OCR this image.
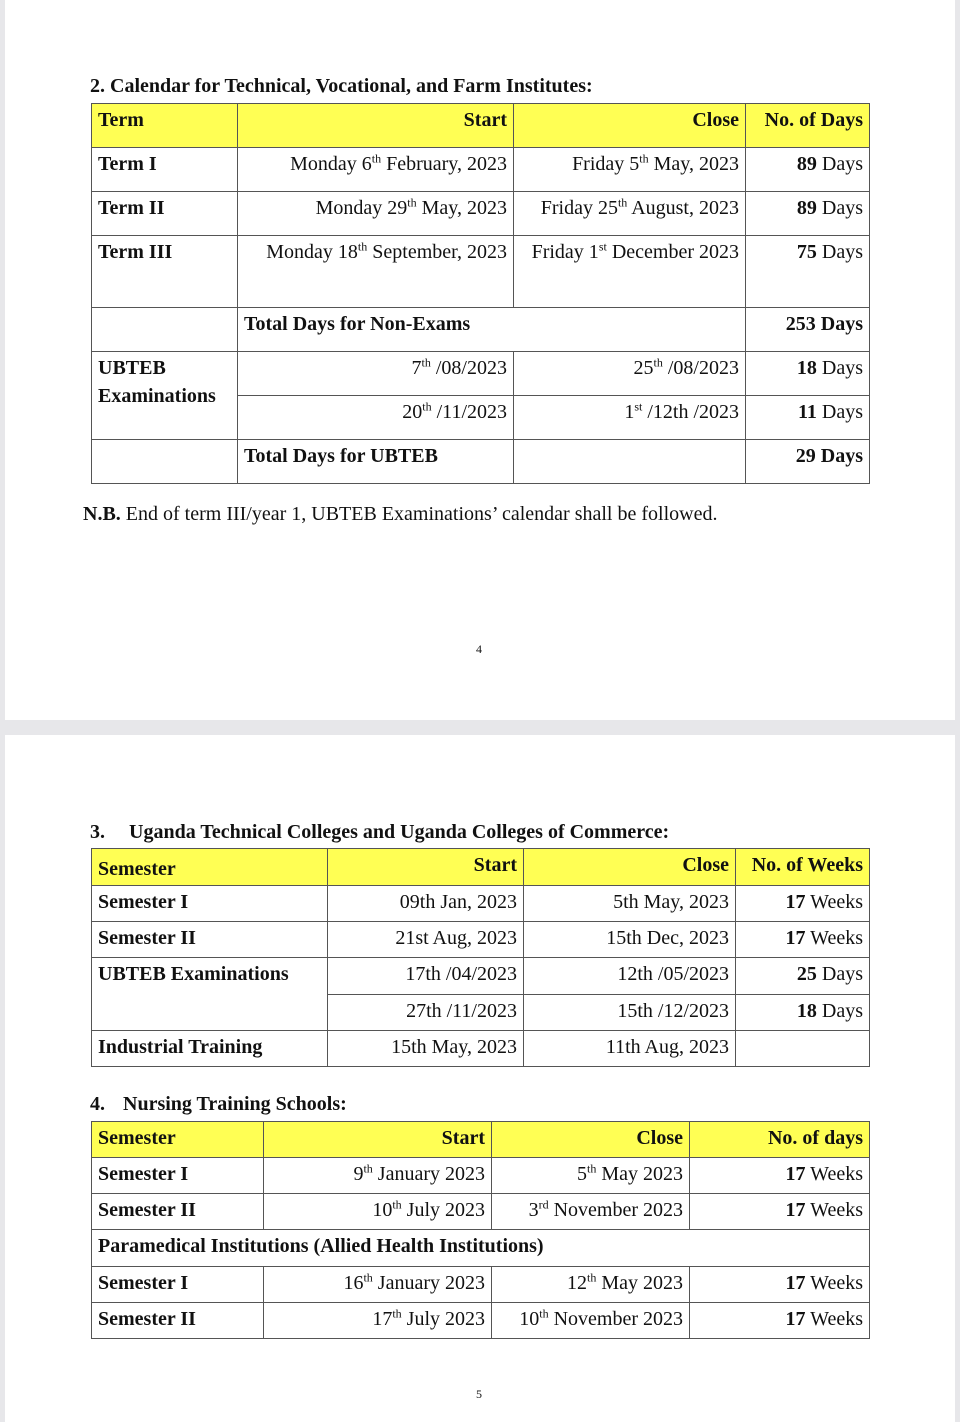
2. Calendar for Technical, Vocational, and Farm Institutes:
Term	Start	Close	No. of Days
Term I	Monday 6th February, 2023	Friday 5th May, 2023	89 Days
Term II	Monday 29th May, 2023	Friday 25th August, 2023	89 Days
Term III	Monday 18th September, 2023	Friday 1st December 2023	75 Days
	Total Days for Non-Exams		253 Days
UBTEB Examinations	7th /08/2023	25th /08/2023	18 Days
	20th /11/2023	1st /12th /2023	11 Days
	Total Days for UBTEB		29 Days
N.B. End of term III/year 1, UBTEB Examinations’ calendar shall be followed.
4
3. Uganda Technical Colleges and Uganda Colleges of Commerce:
Semester	Start	Close	No. of Weeks
Semester I	09th Jan, 2023	5th May, 2023	17 Weeks
Semester II	21st Aug, 2023	15th Dec, 2023	17 Weeks
UBTEB Examinations	17th /04/2023	12th /05/2023	25 Days
	27th /11/2023	15th /12/2023	18 Days
Industrial Training	15th May, 2023	11th Aug, 2023	
4. Nursing Training Schools:
Semester	Start	Close	No. of days
Semester I	9th January 2023	5th May 2023	17 Weeks
Semester II	10th July 2023	3rd November 2023	17 Weeks
Paramedical Institutions (Allied Health Institutions)			
Semester I	16th January 2023	12th May 2023	17 Weeks
Semester II	17th July 2023	10th November 2023	17 Weeks
5
